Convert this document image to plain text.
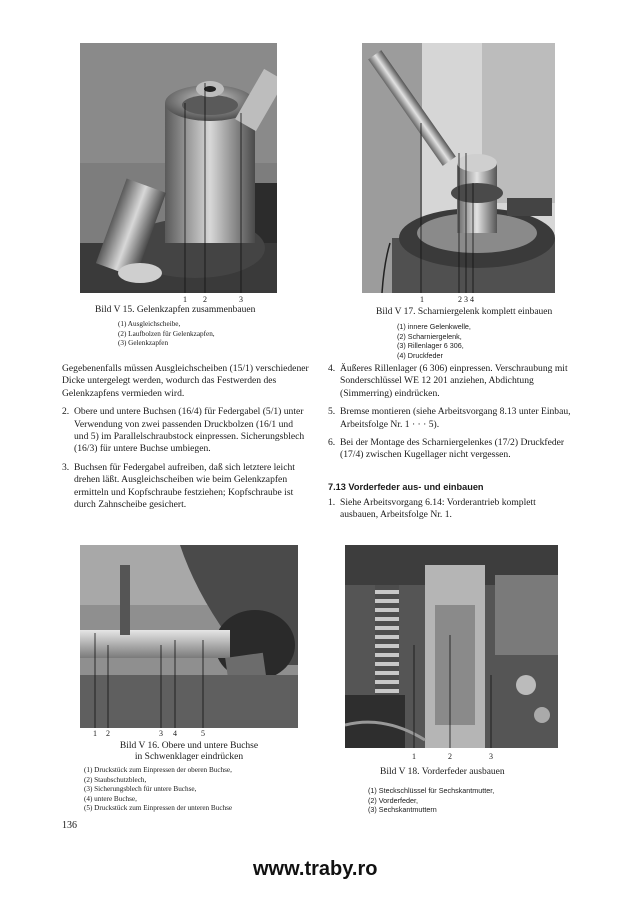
1 2	3
Bild V 15. Gelenkzapfen zusammenbauen
(1) Ausgleichscheibe,
(2) Laufbolzen für Gelenkzapfen,
(3) Gelenkzapfen
1	2 3 4
Bild V 17. Scharniergelenk komplett einbauen
(1) innere Gelenkwelle,
(2) Scharniergelenk,
(3) Rillenlager 6 306,
(4) Druckfeder

Gegebenenfalls müssen Ausgleichscheiben (15/1) verschiedener Dicke untergelegt werden, wodurch das Festwerden des Gelenkzapfens vermieden wird.

2. Obere und untere Buchsen (16/4) für Federgabel (5/1) unter Verwendung von zwei passenden Druckbolzen (16/1 und und 5) im Parallelschraubstock einpressen. Sicherungsblech (16/3) für untere Buchse umbiegen.
3. Buchsen für Federgabel aufreiben, daß sich letztere leicht drehen läßt. Ausgleichscheiben wie beim Gelenkzapfen ermitteln und Kopfschraube festziehen; Kopfschraube ist durch Zahnscheibe gesichert.
4. Äußeres Rillenlager (6 306) einpressen. Verschraubung mit Sonderschlüssel WE 12 201 anziehen, Abdichtung (Simmerring) eindrücken.
5. Bremse montieren (siehe Arbeitsvorgang 8.13 unter Einbau, Arbeitsfolge Nr. 1 · · · 5).
6. Bei der Montage des Scharniergelenkes (17/2) Druckfeder (17/4) zwischen Kugellager nicht vergessen.
7.13 Vorderfeder aus- und einbauen
1. Siehe Arbeitsvorgang 6.14: Vorderantrieb komplett ausbauen, Arbeitsfolge Nr. 1.
1 2	3 4	5
Bild V 16. Obere und untere Buchse
in Schwenklager eindrücken
(1) Druckstück zum Einpressen der oberen Buchse,
(2) Staubschutzblech,
(3) Sicherungsblech für untere Buchse,
(4) untere Buchse,
(5) Druckstück zum Einpressen der unteren Buchse
1	2	3
Bild V 18. Vorderfeder ausbauen
(1) Steckschlüssel für Sechskantmutter,
(2) Vorderfeder,
(3) Sechskantmuttern
136
www.traby.ro
